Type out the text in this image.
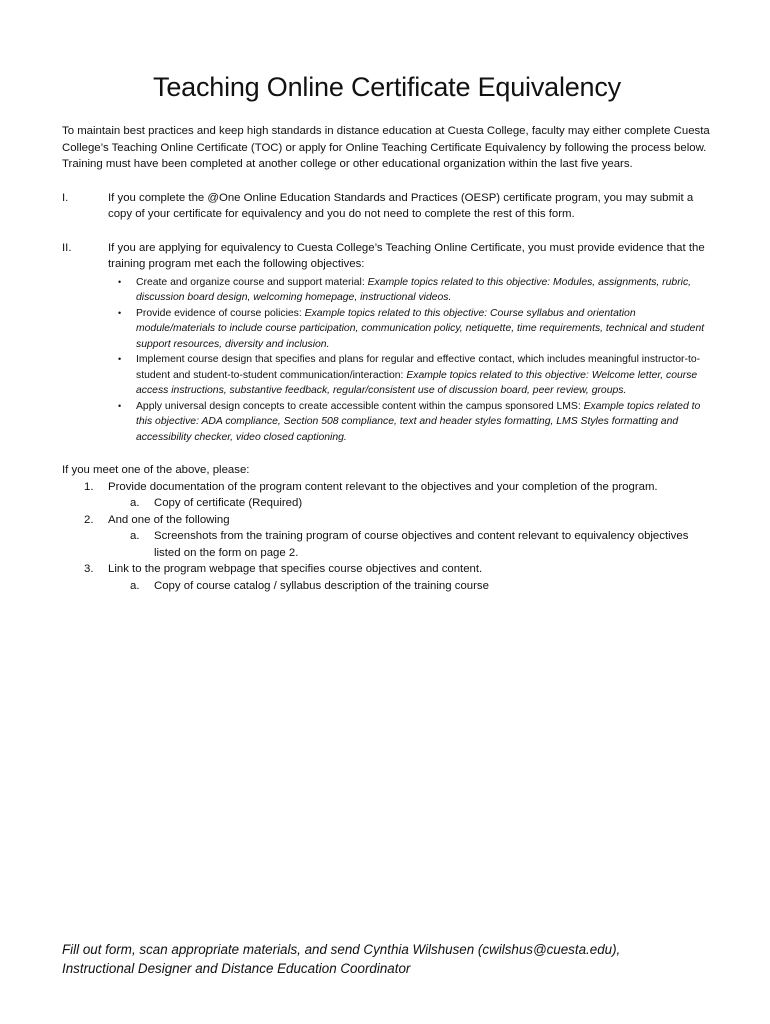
Teaching Online Certificate Equivalency

To maintain best practices and keep high standards in distance education at Cuesta College, faculty may either complete Cuesta College’s Teaching Online Certificate (TOC) or apply for Online Teaching Certificate Equivalency by following the process below. Training must have been completed at another college or other educational organization within the last five years.

I.	If you complete the @One Online Education Standards and Practices (OESP) certificate program, you may submit a copy of your certificate for equivalency and you do not need to complete the rest of this form.
II.	If you are applying for equivalency to Cuesta College’s Teaching Online Certificate, you must provide evidence that the training program met each the following objectives:
•	Create and organize course and support material: Example topics related to this objective: Modules, assignments, rubric, discussion board design, welcoming homepage, instructional videos.
•	Provide evidence of course policies: Example topics related to this objective: Course syllabus and orientation module/materials to include course participation, communication policy, netiquette, time requirements, technical and student support resources, diversity and inclusion.
•	Implement course design that specifies and plans for regular and effective contact, which includes meaningful instructor-to-student and student-to-student communication/interaction: Example topics related to this objective: Welcome letter, course access instructions, substantive feedback, regular/consistent use of discussion board, peer review, groups.
•	Apply universal design concepts to create accessible content within the campus sponsored LMS: Example topics related to this objective: ADA compliance, Section 508 compliance, text and header styles formatting, LMS Styles formatting and accessibility checker, video closed captioning.
If you meet one of the above, please:
1.	Provide documentation of the program content relevant to the objectives and your completion of the program.
a.	Copy of certificate (Required)
2.	And one of the following
a.	Screenshots from the training program of course objectives and content relevant to equivalency objectives listed on the form on page 2.
3.	Link to the program webpage that specifies course objectives and content.
a.	Copy of course catalog / syllabus description of the training course
Fill out form, scan appropriate materials, and send Cynthia Wilshusen (cwilshus@cuesta.edu),
Instructional Designer and Distance Education Coordinator
